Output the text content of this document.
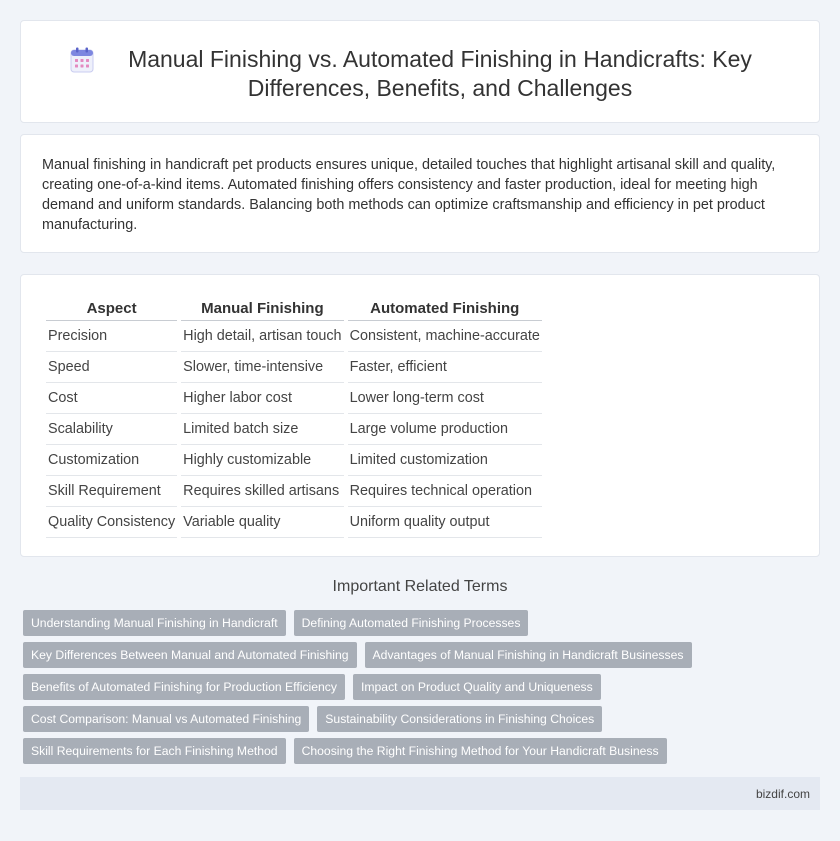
Manual Finishing vs. Automated Finishing in Handicrafts: Key Differences, Benefits, and Challenges

Manual finishing in handicraft pet products ensures unique, detailed touches that highlight artisanal skill and quality, creating one-of-a-kind items. Automated finishing offers consistency and faster production, ideal for meeting high demand and uniform standards. Balancing both methods can optimize craftsmanship and efficiency in pet product manufacturing.

Aspect	Manual Finishing	Automated Finishing
Precision	High detail, artisan touch	Consistent, machine-accurate
Speed	Slower, time-intensive	Faster, efficient
Cost	Higher labor cost	Lower long-term cost
Scalability	Limited batch size	Large volume production
Customization	Highly customizable	Limited customization
Skill Requirement	Requires skilled artisans	Requires technical operation
Quality Consistency	Variable quality	Uniform quality output
Important Related Terms
Understanding Manual Finishing in Handicraft	Defining Automated Finishing Processes
Key Differences Between Manual and Automated Finishing	Advantages of Manual Finishing in Handicraft Businesses
Benefits of Automated Finishing for Production Efficiency	Impact on Product Quality and Uniqueness
Cost Comparison: Manual vs Automated Finishing	Sustainability Considerations in Finishing Choices
Skill Requirements for Each Finishing Method	Choosing the Right Finishing Method for Your Handicraft Business
bizdif.com
